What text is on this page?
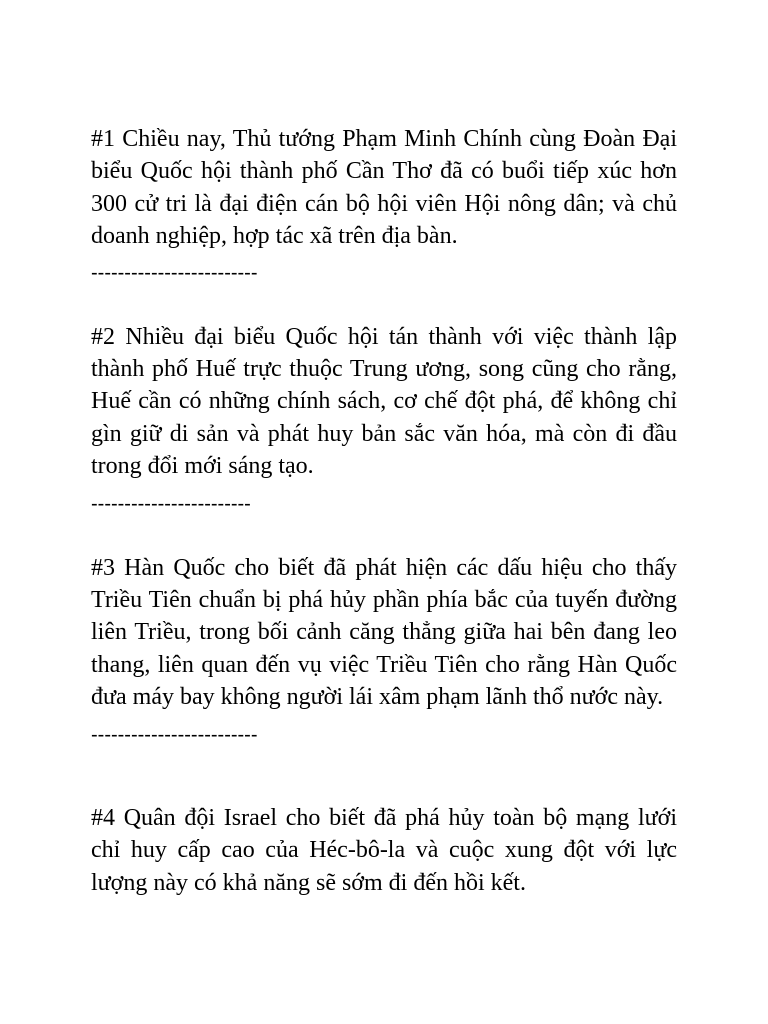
#1 Chiều nay, Thủ tướng Phạm Minh Chính cùng Đoàn Đại biểu Quốc hội thành phố Cần Thơ đã có buổi tiếp xúc hơn 300 cử tri là đại điện cán bộ hội viên Hội nông dân; và chủ doanh nghiệp, hợp tác xã trên địa bàn.

-------------------------

#2 Nhiều đại biểu Quốc hội tán thành với việc thành lập thành phố Huế trực thuộc Trung ương, song cũng cho rằng,  Huế cần có những chính sách, cơ chế đột phá, để không chỉ gìn giữ di sản và phát huy bản sắc văn hóa, mà còn đi đầu trong đổi mới sáng tạo.

------------------------

#3 Hàn Quốc cho biết đã phát hiện các dấu hiệu cho thấy Triều Tiên chuẩn bị phá hủy phần phía bắc của tuyến đường liên Triều, trong bối cảnh căng thẳng giữa hai bên đang leo thang, liên quan đến vụ việc Triều Tiên cho rằng Hàn Quốc đưa máy bay không người lái xâm phạm lãnh thổ nước này.

-------------------------

#4 Quân đội Israel cho biết đã phá hủy toàn bộ mạng lưới chỉ huy cấp cao của Héc-bô-la và cuộc xung đột với lực lượng này có khả năng sẽ sớm đi đến hồi kết.
